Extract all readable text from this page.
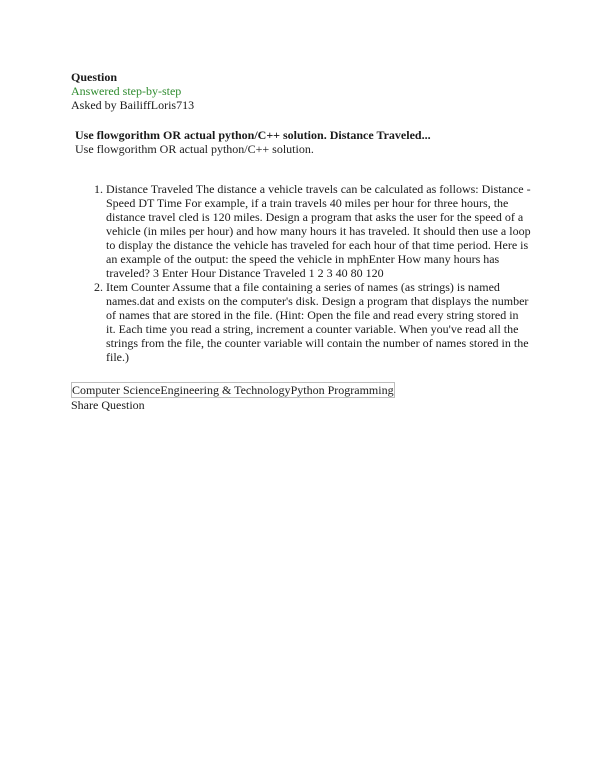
Question
Answered step-by-step
Asked by BailiffLoris713
Use flowgorithm OR actual python/C++ solution. Distance Traveled...
Use flowgorithm OR actual python/C++ solution.
1. Distance Traveled The distance a vehicle travels can be calculated as follows: Distance - Speed DT Time For example, if a train travels 40 miles per hour for three hours, the distance travel cled is 120 miles. Design a program that asks the user for the speed of a vehicle (in miles per hour) and how many hours it has traveled. It should then use a loop to display the distance the vehicle has traveled for each hour of that time period. Here is an example of the output: the speed the vehicle in mphEnter How many hours has traveled? 3 Enter Hour Distance Traveled 1 2 3 40 80 120
2. Item Counter Assume that a file containing a series of names (as strings) is named names.dat and exists on the computer's disk. Design a program that displays the number of names that are stored in the file. (Hint: Open the file and read every string stored in it. Each time you read a string, increment a counter variable. When you've read all the strings from the file, the counter variable will contain the number of names stored in the file.)
Computer Science Engineering & Technology Python Programming
Share Question
